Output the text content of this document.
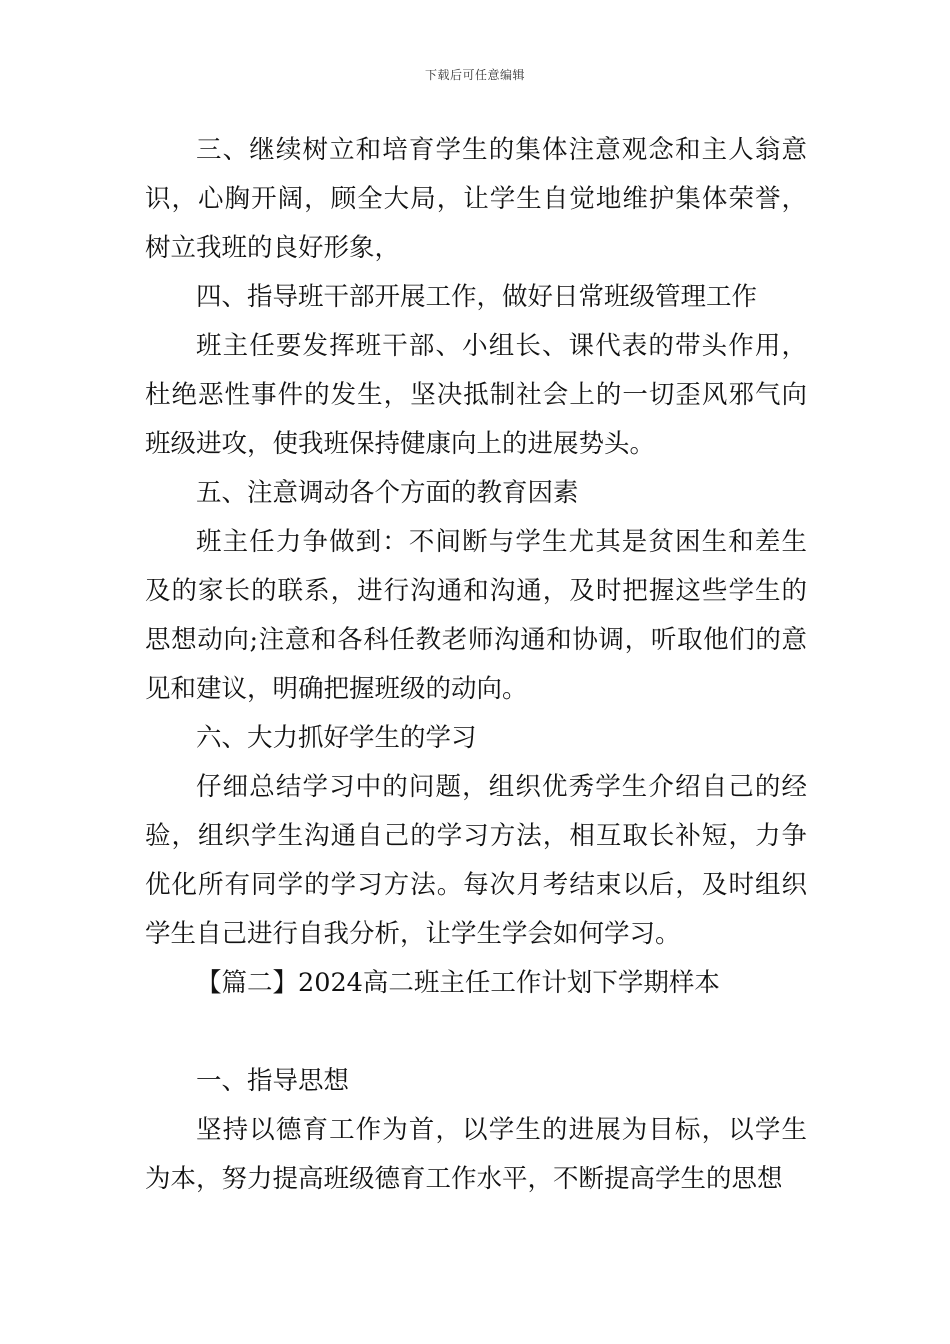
下载后可任意编辑

三、继续树立和培育学生的集体注意观念和主人翁意识，心胸开阔，顾全大局，让学生自觉地维护集体荣誉，树立我班的良好形象，

四、指导班干部开展工作，做好日常班级管理工作

班主任要发挥班干部、小组长、课代表的带头作用，杜绝恶性事件的发生，坚决抵制社会上的一切歪风邪气向班级进攻，使我班保持健康向上的进展势头。

五、注意调动各个方面的教育因素

班主任力争做到：不间断与学生尤其是贫困生和差生及的家长的联系，进行沟通和沟通，及时把握这些学生的思想动向;注意和各科任教老师沟通和协调，听取他们的意见和建议，明确把握班级的动向。

六、大力抓好学生的学习

仔细总结学习中的问题，组织优秀学生介绍自己的经验，组织学生沟通自己的学习方法，相互取长补短，力争优化所有同学的学习方法。每次月考结束以后，及时组织学生自己进行自我分析，让学生学会如何学习。

【篇二】2024高二班主任工作计划下学期样本

一、指导思想

坚持以德育工作为首，以学生的进展为目标，以学生为本，努力提高班级德育工作水平，不断提高学生的思想
